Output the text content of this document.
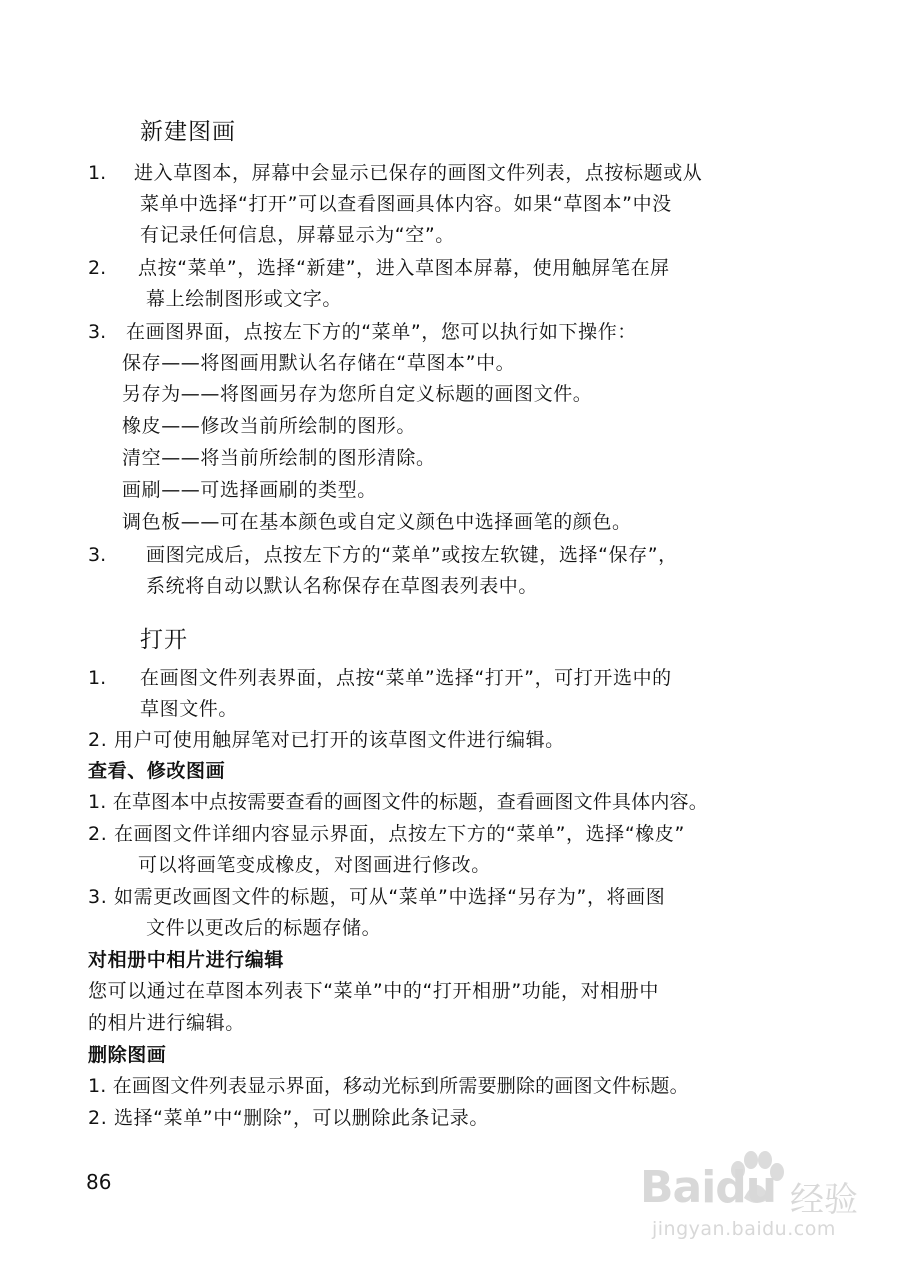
新建图画
1. 进入草图本，屏幕中会显示已保存的画图文件列表，点按标题或从
菜单中选择“打开”可以查看图画具体内容。如果“草图本”中没
有记录任何信息，屏幕显示为“空”。
2. 点按“菜单”，选择“新建”，进入草图本屏幕，使用触屏笔在屏
幕上绘制图形或文字。
3. 在画图界面，点按左下方的“菜单”，您可以执行如下操作：
保存——将图画用默认名存储在“草图本”中。
另存为——将图画另存为您所自定义标题的画图文件。
橡皮——修改当前所绘制的图形。
清空——将当前所绘制的图形清除。
画刷——可选择画刷的类型。
调色板——可在基本颜色或自定义颜色中选择画笔的颜色。
3. 画图完成后，点按左下方的“菜单”或按左软键，选择“保存”，
系统将自动以默认名称保存在草图表列表中。
打开
1. 在画图文件列表界面，点按“菜单”选择“打开”，可打开选中的
草图文件。
2. 用户可使用触屏笔对已打开的该草图文件进行编辑。
查看、修改图画
1. 在草图本中点按需要查看的画图文件的标题，查看画图文件具体内容。
2. 在画图文件详细内容显示界面，点按左下方的“菜单”，选择“橡皮”
可以将画笔变成橡皮，对图画进行修改。
3. 如需更改画图文件的标题，可从“菜单”中选择“另存为”，将画图
文件以更改后的标题存储。
对相册中相片进行编辑
您可以通过在草图本列表下“菜单”中的“打开相册”功能，对相册中
的相片进行编辑。
删除图画
1. 在画图文件列表显示界面，移动光标到所需要删除的画图文件标题。
2. 选择“菜单”中“删除”，可以删除此条记录。
86	Baidu 经验
jingyan.baidu.com
